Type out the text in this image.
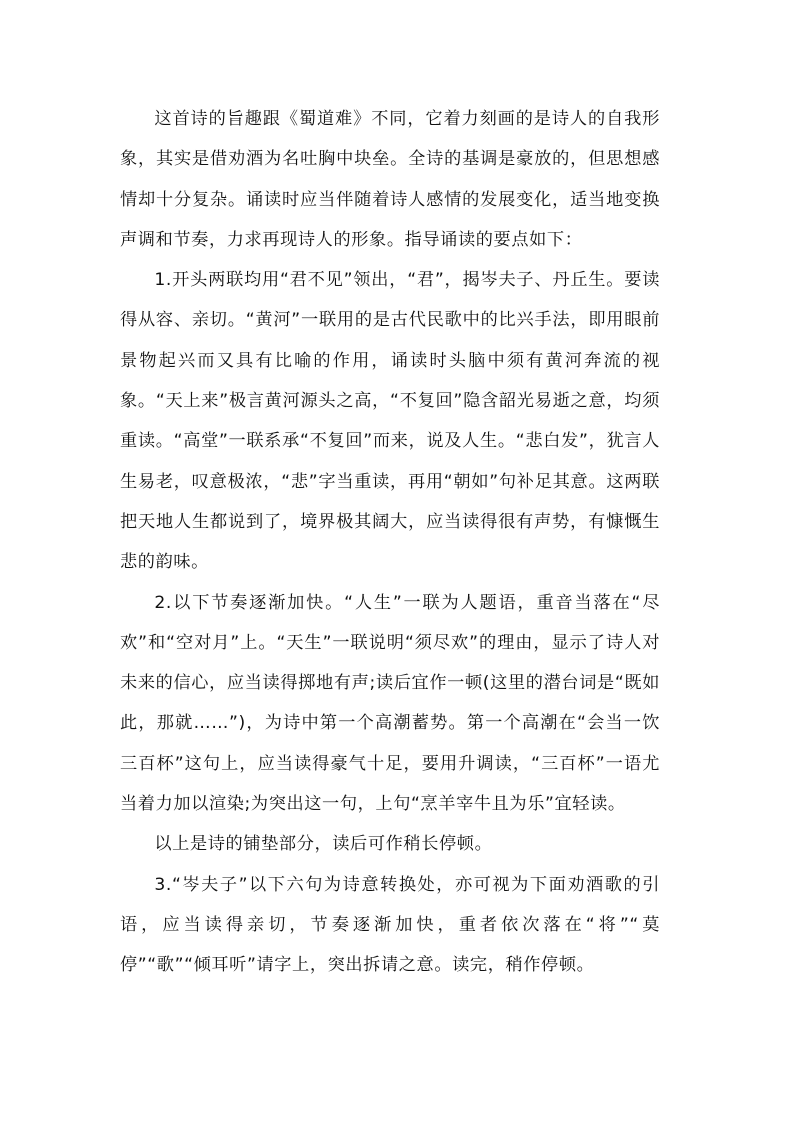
这首诗的旨趣跟《蜀道难》不同，它着力刻画的是诗人的自我形象，其实是借劝酒为名吐胸中块垒。全诗的基调是豪放的，但思想感情却十分复杂。诵读时应当伴随着诗人感情的发展变化，适当地变换声调和节奏，力求再现诗人的形象。指导诵读的要点如下：

1.开头两联均用“君不见”领出，“君”，揭岑夫子、丹丘生。要读得从容、亲切。“黄河”一联用的是古代民歌中的比兴手法，即用眼前景物起兴而又具有比喻的作用，诵读时头脑中须有黄河奔流的视象。“天上来”极言黄河源头之高，“不复回”隐含韶光易逝之意，均须重读。“高堂”一联系承“不复回”而来，说及人生。“悲白发”，犹言人生易老，叹意极浓，“悲”字当重读，再用“朝如”句补足其意。这两联把天地人生都说到了，境界极其阔大，应当读得很有声势，有慷慨生悲的韵味。

2.以下节奏逐渐加快。“人生”一联为人题语，重音当落在“尽欢”和“空对月”上。“天生”一联说明“须尽欢”的理由，显示了诗人对未来的信心，应当读得掷地有声;读后宜作一顿(这里的潜台词是“既如此，那就……”)，为诗中第一个高潮蓄势。第一个高潮在“会当一饮三百杯”这句上，应当读得豪气十足，要用升调读，“三百杯”一语尤当着力加以渲染;为突出这一句，上句“烹羊宰牛且为乐”宜轻读。

以上是诗的铺垫部分，读后可作稍长停顿。

3.“岑夫子”以下六句为诗意转换处，亦可视为下面劝酒歌的引语，应当读得亲切，节奏逐渐加快，重者依次落在“将”“莫停”“歌”“倾耳听”请字上，突出拆请之意。读完，稍作停顿。
